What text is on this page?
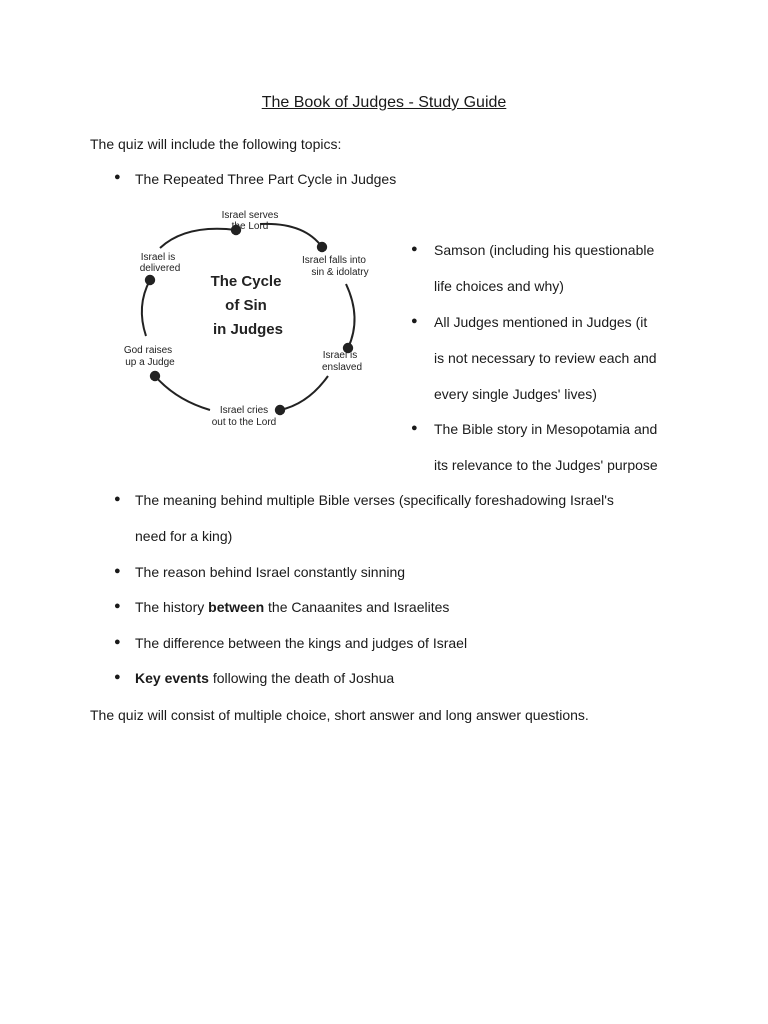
The Book of Judges - Study Guide

The quiz will include the following topics:

● The Repeated Three Part Cycle in Judges
The Cycle
of Sin
in Judges
Israel serves
the Lord
Israel falls into
sin & idolatry
Israel is
enslaved
Israel cries
out to the Lord
God raises
up a Judge
Israel is
delivered
● Samson (including his questionable
life choices and why)
● All Judges mentioned in Judges (it
is not necessary to review each and
every single Judges' lives)
● The Bible story in Mesopotamia and
its relevance to the Judges' purpose
● The meaning behind multiple Bible verses (specifically foreshadowing Israel's
need for a king)
● The reason behind Israel constantly sinning
● The history between the Canaanites and Israelites
● The difference between the kings and judges of Israel
● Key events following the death of Joshua

The quiz will consist of multiple choice, short answer and long answer questions.
